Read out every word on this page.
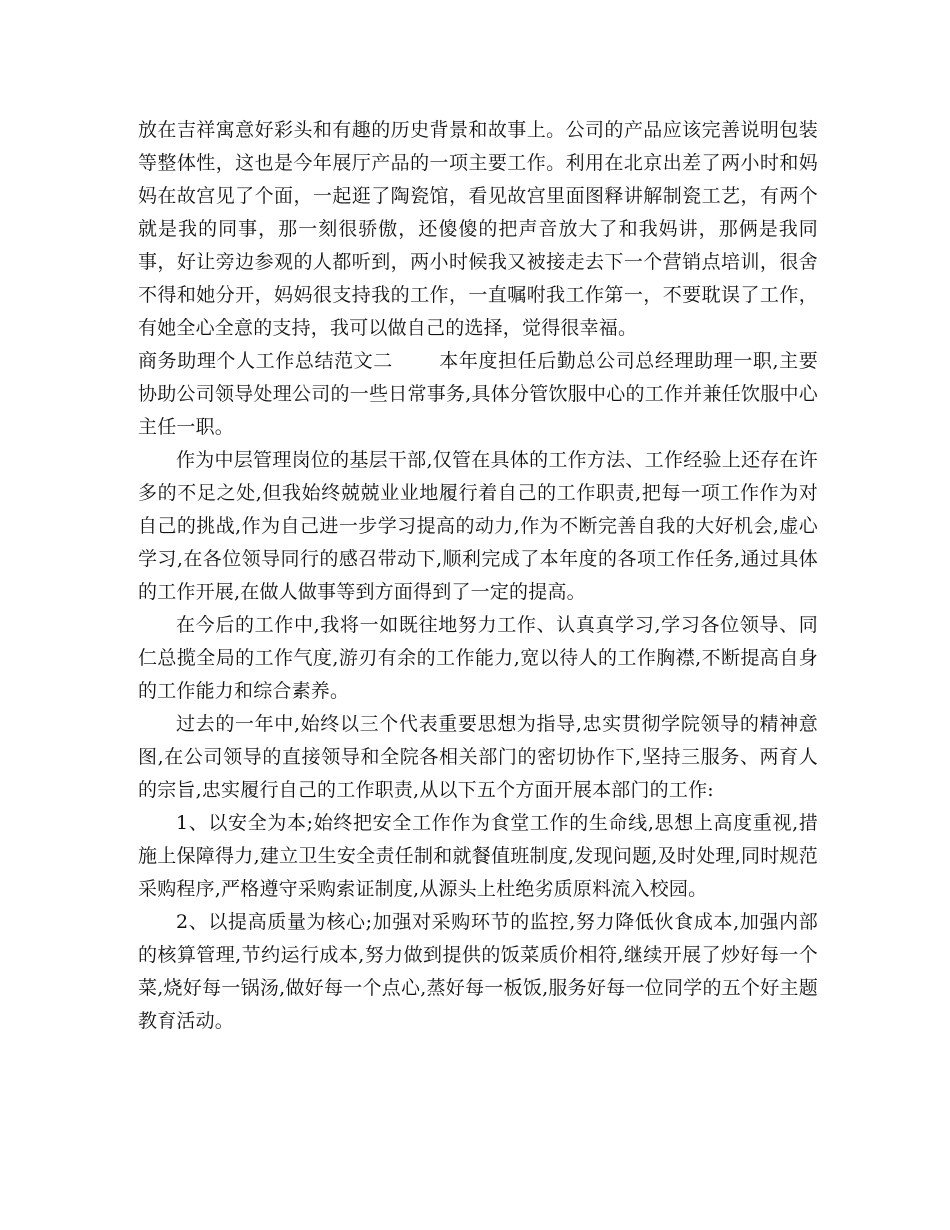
放在吉祥寓意好彩头和有趣的历史背景和故事上。公司的产品应该完善说明包装等整体性，这也是今年展厅产品的一项主要工作。利用在北京出差了两小时和妈妈在故宫见了个面，一起逛了陶瓷馆，看见故宫里面图释讲解制瓷工艺，有两个就是我的同事，那一刻很骄傲，还傻傻的把声音放大了和我妈讲，那俩是我同事，好让旁边参观的人都听到，两小时候我又被接走去下一个营销点培训，很舍不得和她分开，妈妈很支持我的工作，一直嘱咐我工作第一，不要耽误了工作，有她全心全意的支持，我可以做自己的选择，觉得很幸福。

商务助理个人工作总结范文二 本年度担任后勤总公司总经理助理一职,主要协助公司领导处理公司的一些日常事务,具体分管饮服中心的工作并兼任饮服中心主任一职。

作为中层管理岗位的基层干部,仅管在具体的工作方法、工作经验上还存在许多的不足之处,但我始终兢兢业业地履行着自己的工作职责,把每一项工作作为对自己的挑战,作为自己进一步学习提高的动力,作为不断完善自我的大好机会,虚心学习,在各位领导同行的感召带动下,顺利完成了本年度的各项工作任务,通过具体的工作开展,在做人做事等到方面得到了一定的提高。

在今后的工作中,我将一如既往地努力工作、认真真学习,学习各位领导、同仁总揽全局的工作气度,游刃有余的工作能力,宽以待人的工作胸襟,不断提高自身的工作能力和综合素养。

过去的一年中,始终以三个代表重要思想为指导,忠实贯彻学院领导的精神意图,在公司领导的直接领导和全院各相关部门的密切协作下,坚持三服务、两育人的宗旨,忠实履行自己的工作职责,从以下五个方面开展本部门的工作:

1、以安全为本;始终把安全工作作为食堂工作的生命线,思想上高度重视,措施上保障得力,建立卫生安全责任制和就餐值班制度,发现问题,及时处理,同时规范采购程序,严格遵守采购索证制度,从源头上杜绝劣质原料流入校园。

2、以提高质量为核心;加强对采购环节的监控,努力降低伙食成本,加强内部的核算管理,节约运行成本,努力做到提供的饭菜质价相符,继续开展了炒好每一个菜,烧好每一锅汤,做好每一个点心,蒸好每一板饭,服务好每一位同学的五个好主题教育活动。
